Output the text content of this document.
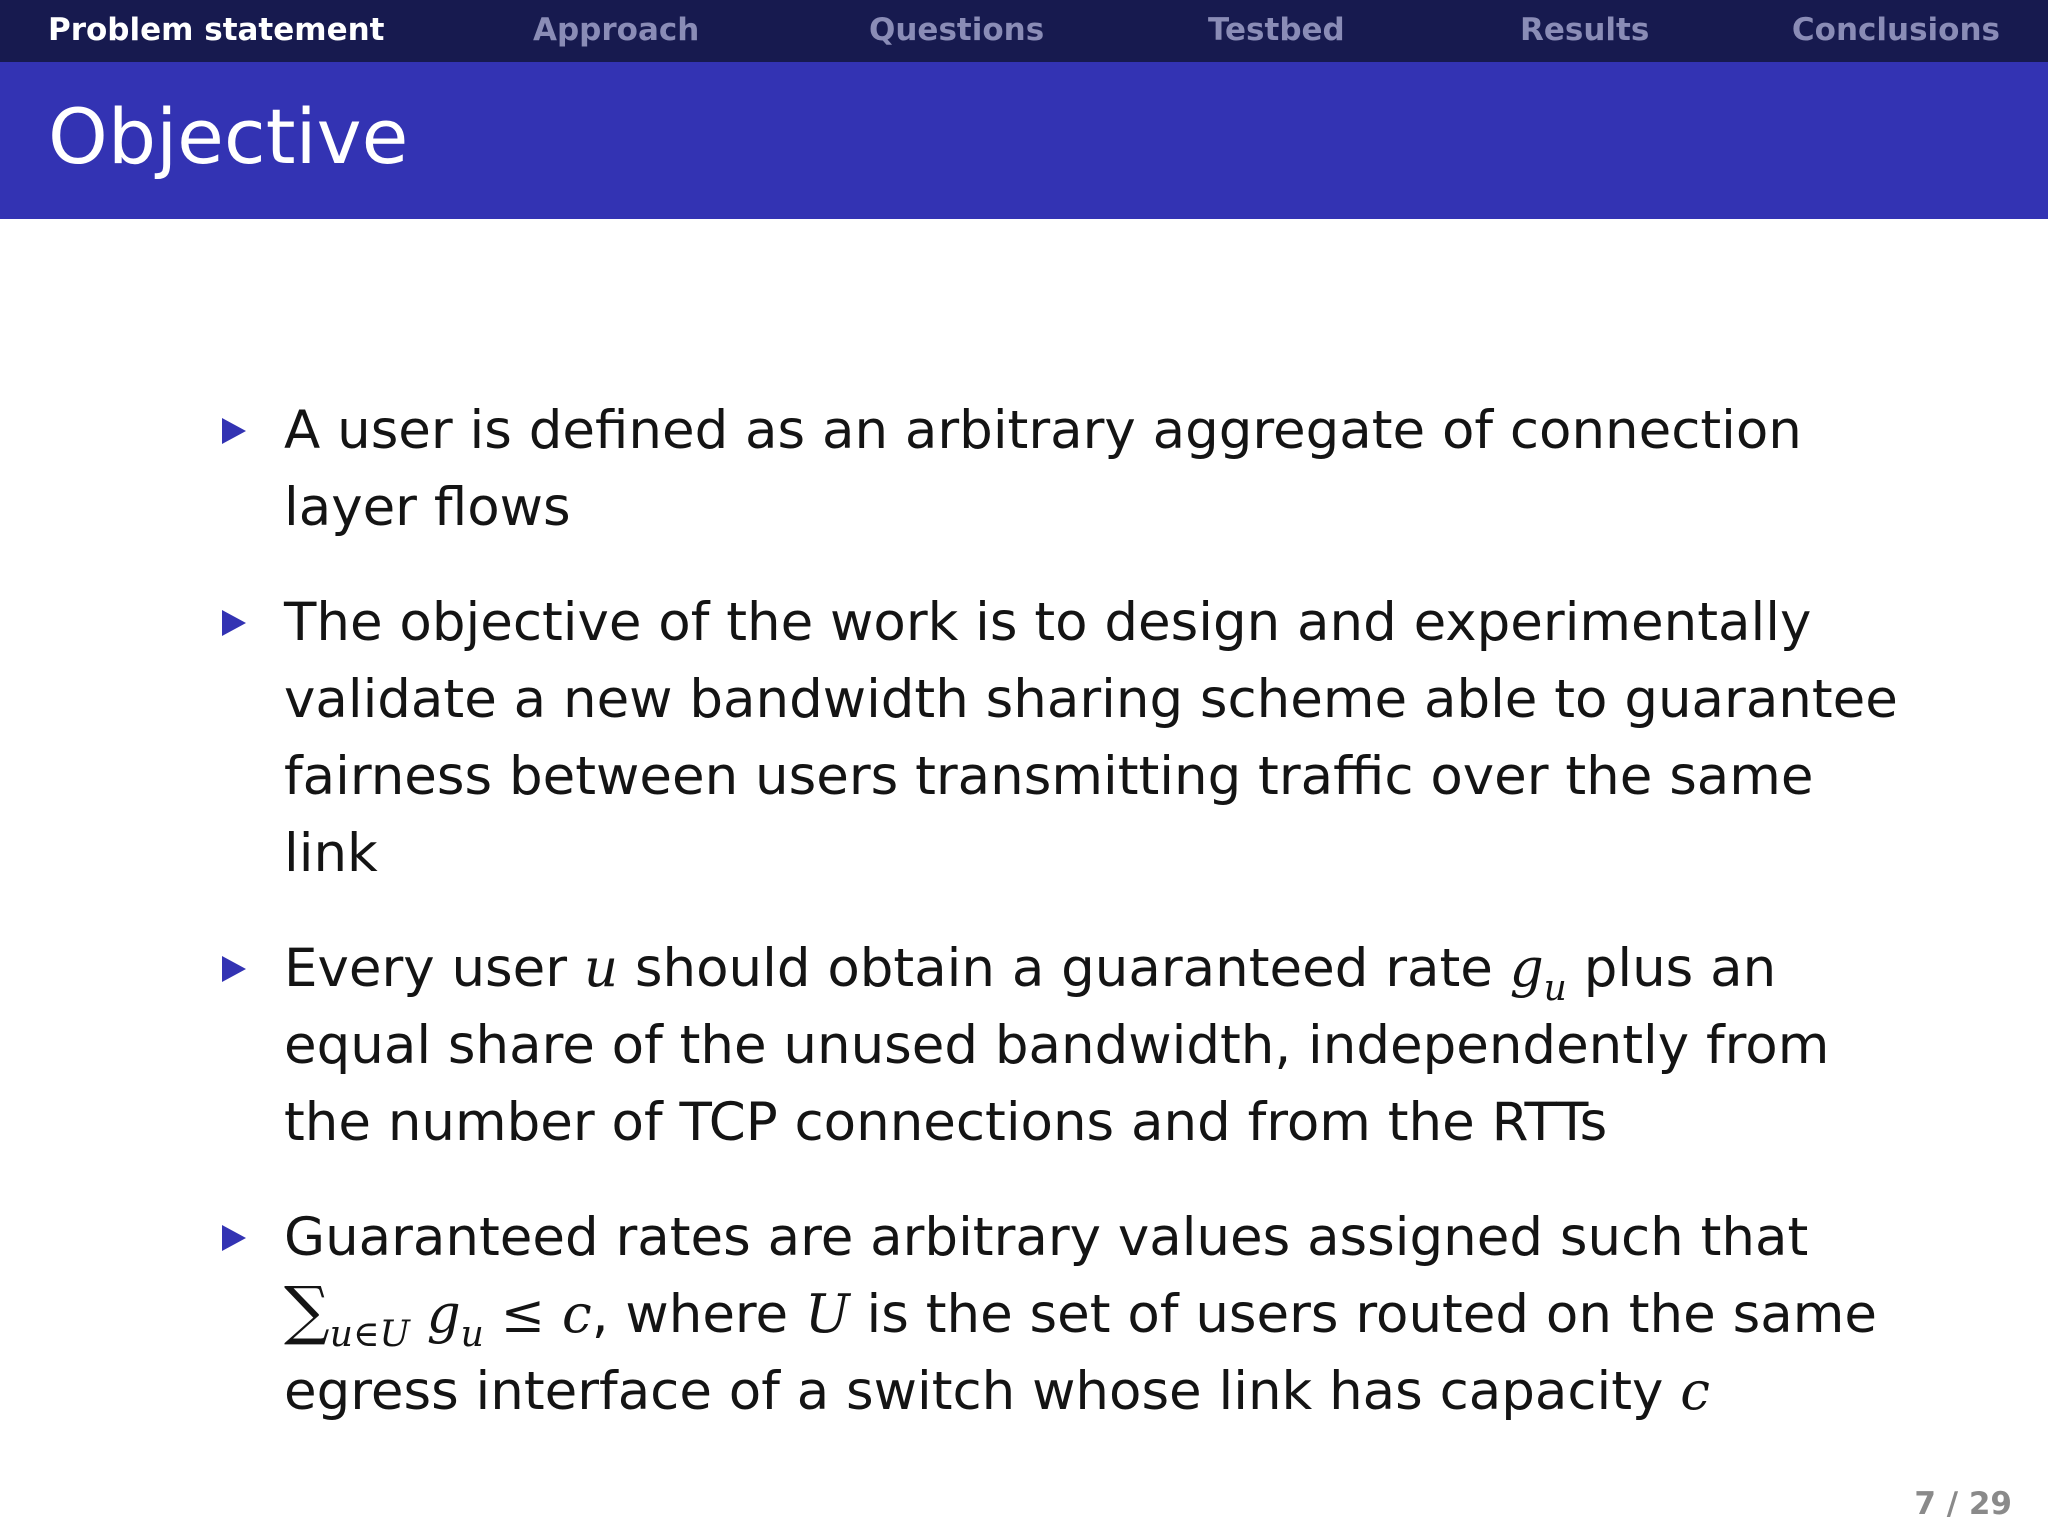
Problem statement	Approach	Questions	Testbed	Results	Conclusions
Objective
A user is defined as an arbitrary aggregate of connection layer flows
The objective of the work is to design and experimentally validate a new bandwidth sharing scheme able to guarantee fairness between users transmitting traffic over the same link
Every user u should obtain a guaranteed rate $g_u$ plus an equal share of the unused bandwidth, independently from the number of TCP connections and from the RTTs
Guaranteed rates are arbitrary values assigned such that $\sum_{u\in U}$ $g_u \le c$, where U is the set of users routed on the same egress interface of a switch whose link has capacity c
7 / 29
